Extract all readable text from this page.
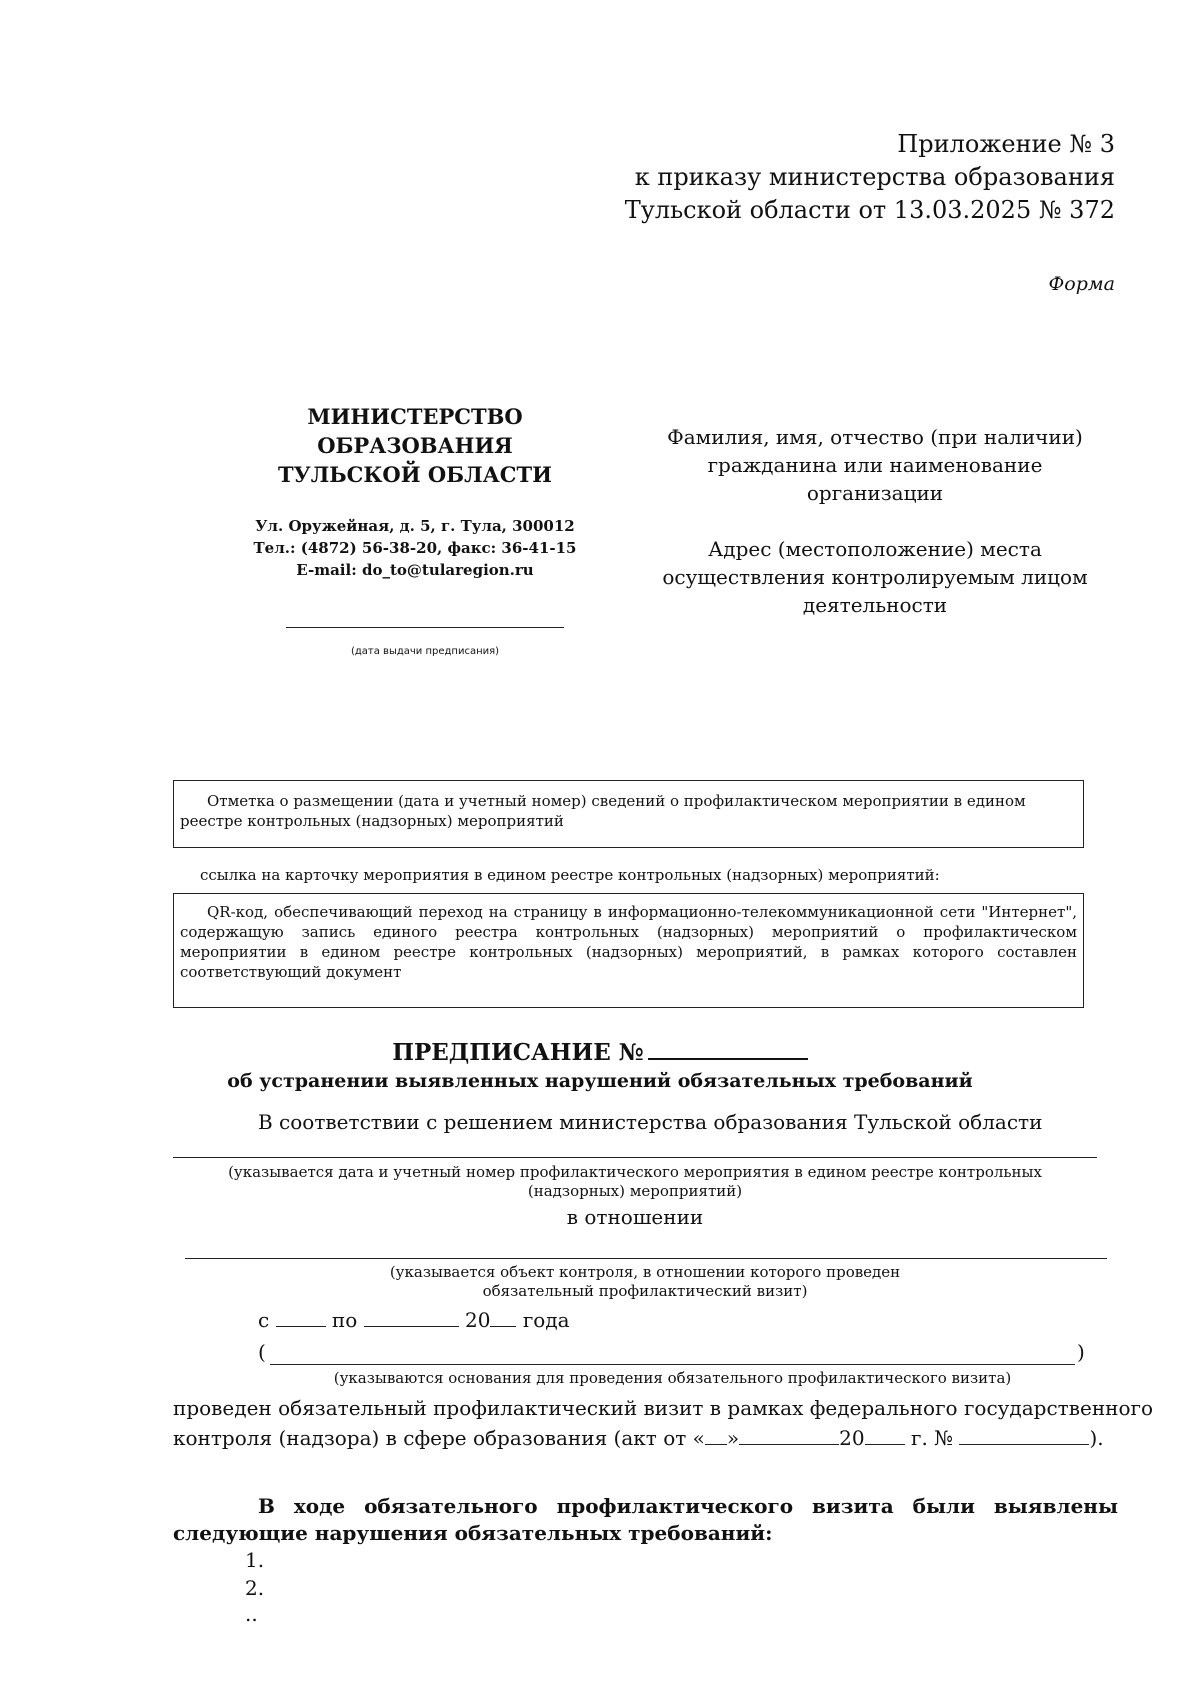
Приложение № 3
к приказу министерства образования
Тульской области от 13.03.2025 № 372
Форма
МИНИСТЕРСТВО
ОБРАЗОВАНИЯ
ТУЛЬСКОЙ ОБЛАСТИ
Ул. Оружейная, д. 5, г. Тула, 300012
Тел.: (4872) 56-38-20, факс: 36-41-15
E-mail: do_to@tularegion.ru
(дата выдачи предписания)
Фамилия, имя, отчество (при наличии)
гражданина или наименование
организации
Адрес (местоположение) места
осуществления контролируемым лицом
деятельности

Отметка о размещении (дата и учетный номер) сведений о профилактическом мероприятии в едином реестре контрольных (надзорных) мероприятий

ссылка на карточку мероприятия в едином реестре контрольных (надзорных) мероприятий:

QR-код, обеспечивающий переход на страницу в информационно-телекоммуникационной сети "Интернет", содержащую запись единого реестра контрольных (надзорных) мероприятий о профилактическом мероприятии в едином реестре контрольных (надзорных) мероприятий, в рамках которого составлен соответствующий документ

ПРЕДПИСАНИЕ №
об устранении выявленных нарушений обязательных требований
В соответствии с решением министерства образования Тульской области
(указывается дата и учетный номер профилактического мероприятия в едином реестре контрольных
(надзорных) мероприятий)
в отношении
(указывается объект контроля, в отношении которого проведен
обязательный профилактический визит)
с	по	20 года
(	)
(указываются основания для проведения обязательного профилактического визита)
проведен обязательный профилактический визит в рамках федерального государственного
контроля (надзора) в сфере образования (акт от « »	20 г. №	).
В ходе обязательного профилактического визита были выявлены следующие нарушения обязательных требований:
1.
2.
..
